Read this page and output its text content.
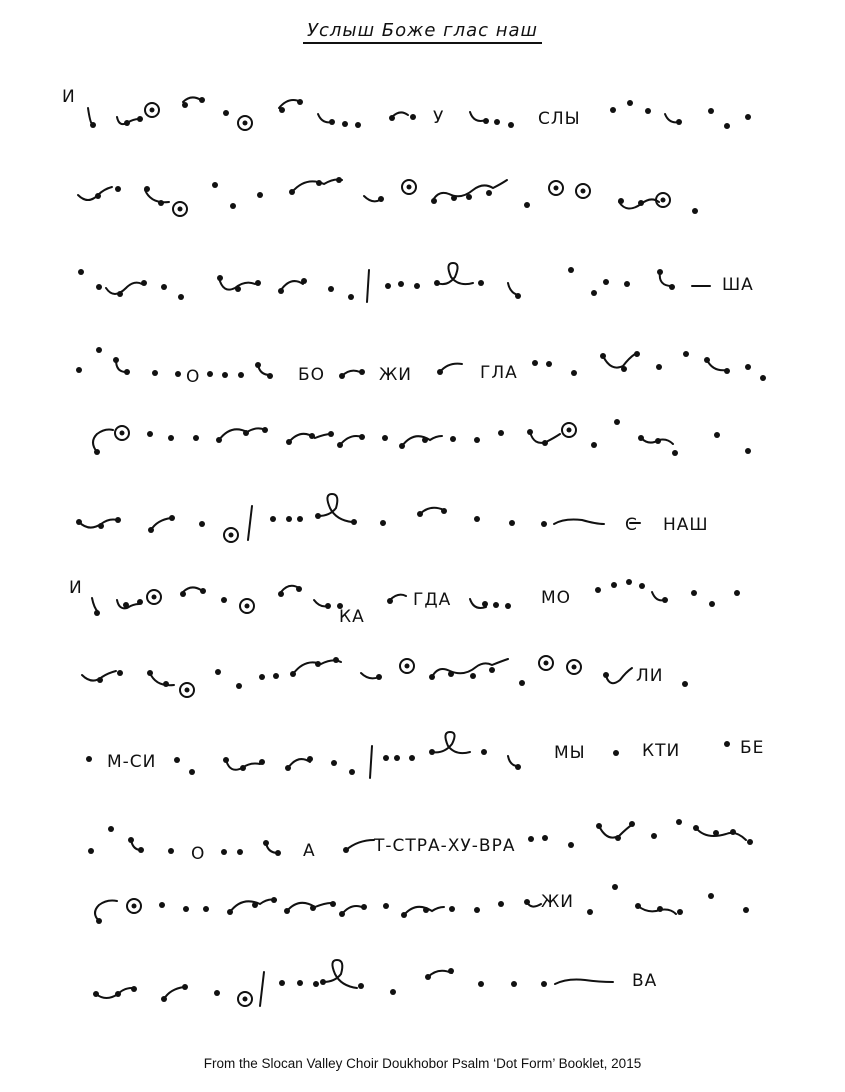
Услыш Боже глас наш
И
У	СЛЫ
ША
О	БО	ЖИ	ГЛА
С НАШ
И
КА
ГДА	МО
ЛИ
М-СИ	МЫ	КТИ	БЕ
О	А	Т-СТРА-ХУ-ВРА
ЖИ
ВА
From the Slocan Valley Choir Doukhobor Psalm ‘Dot Form’ Booklet, 2015
